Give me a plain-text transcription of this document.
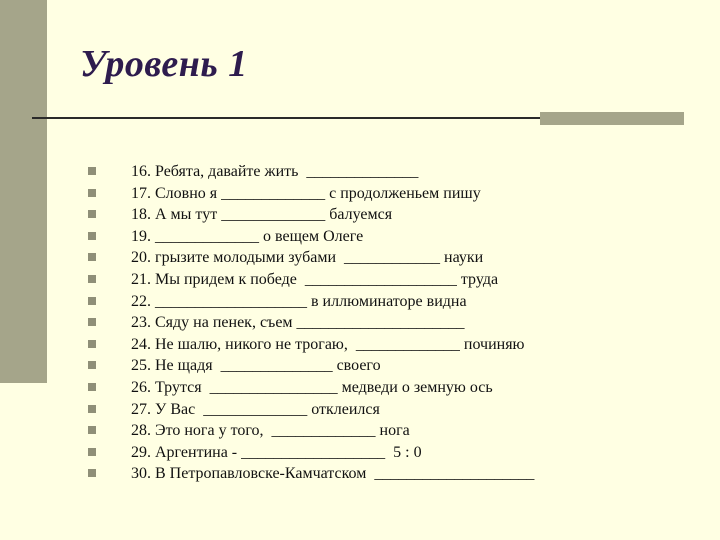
Уровень 1

16. Ребята, давайте жить  ______________

17. Словно я _____________ с продолженьем пишу

18. А мы тут _____________ балуемся

19. _____________ о вещем Олеге

20. грызите молодыми зубами  ____________ науки

21. Мы придем к победе  ___________________ труда

22. ___________________ в иллюминаторе видна

23. Сяду на пенек, съем _____________________

24. Не шалю, никого не трогаю,  _____________ починяю

25. Не щадя  ______________ своего

26. Трутся  ________________ медведи о земную ось

27. У Вас  _____________ отклеился

28. Это нога у того,  _____________ нога

29. Аргентина - __________________  5 : 0

30. В Петропавловске-Камчатском  ____________________
